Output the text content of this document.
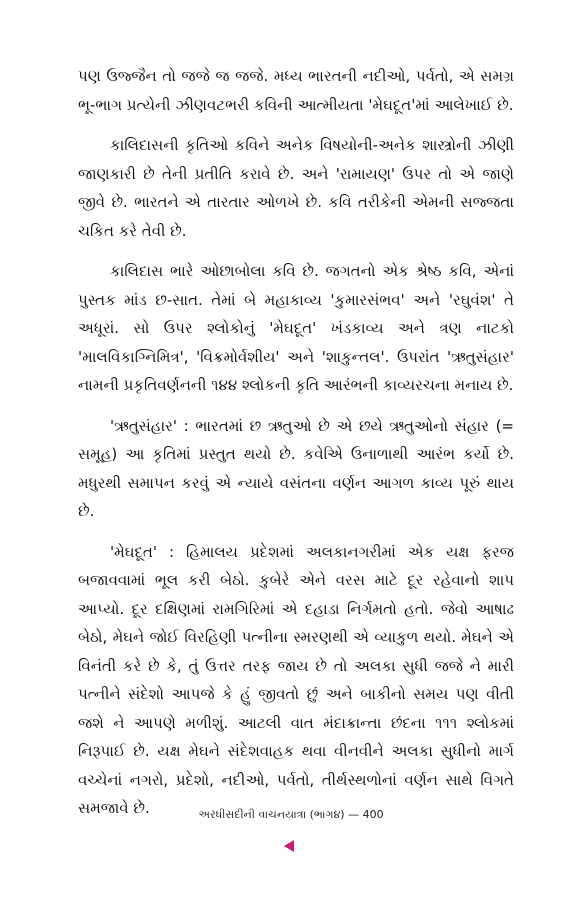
પણ ઉજ્જૈન તો જજે જ જજે. મધ્ય ભારતની નદીઓ, પર્વતો, એ સમગ્ર ભૂ-ભાગ પ્રત્યેની ઝીણવટભરી કવિની આત્મીયતા 'મેઘદૂત'માં આલેખાઈ છે.

કાલિદાસની કૃતિઓ કવિને અનેક વિષયોની-અનેક શાસ્ત્રોની ઝીણી જાણકારી છે તેની પ્રતીતિ કરાવે છે. અને 'રામાયણ' ઉપર તો એ જાણે જીવે છે. ભારતને એ તારતાર ઓળખે છે. કવિ તરીકેની એમની સજ્જતા ચકિત કરે તેવી છે.

કાલિદાસ ભારે ઓછાબોલા કવિ છે. જગતનો એક શ્રેષ્ઠ કવિ, એનાં પુસ્તક માંડ છ-સાત. તેમાં બે મહાકાવ્ય 'કુમારસંભવ' અને 'રઘુવંશ' તે અધૂરાં. સો ઉપર શ્લોકોનું 'મેઘદૂત' ખંડકાવ્ય અને ત્રણ નાટકો 'માલવિકાગ્નિમિત્ર', 'વિક્રમોર્વશીય' અને 'શાકુન્તલ'. ઉપરાંત 'ઋતુસંહાર' નામની પ્રકૃતિવર્ણનની ૧૪૪ શ્લોકની કૃતિ આરંભની કાવ્યરચના મનાય છે.

'ઋતુસંહાર' : ભારતમાં છ ઋતુઓ છે એ છયે ઋતુઓનો સંહાર (= સમૂહ) આ કૃતિમાં પ્રસ્તુત થયો છે. કવેએિ ઉનાળાથી આરંભ કર્યો છે. મધુરથી સમાપન કરવું એ ન્યાયે વસંતના વર્ણન આગળ કાવ્ય પૂરું થાય છે.

'મેઘદૂત' : હિમાલય પ્રદેશમાં અલકાનગરીમાં એક યક્ષ ફરજ બજાવવામાં ભૂલ કરી બેઠો. કુબેરે એને વરસ માટે દૂર રહેવાનો શાપ આપ્યો. દૂર દક્ષિણમાં રામગિરિમાં એ દહાડા નિર્ગમતો હતો. જેવો આષાઢ બેઠો, મેઘને જોઈ વિરહિણી પત્નીના સ્મરણથી એ વ્યાકુળ થયો. મેઘને એ વિનંતી કરે છે કે, તું ઉત્તર તરફ જાય છે તો અલકા સુધી જજે ને મારી પત્નીને સંદેશો આપજે કે હું જીવતો છું અને બાકીનો સમય પણ વીતી જશે ને આપણે મળીશું. આટલી વાત મંદાક્રાન્તા છંદના ૧૧૧ શ્લોકમાં નિરૂપાઈ છે. યક્ષ મેઘને સંદેશવાહક થવા વીનવીને અલકા સુધીનો માર્ગ વચ્ચેનાં નગરો, પ્રદેશો, નદીઓ, પર્વતો, તીર્થસ્થળોનાં વર્ણન સાથે વિગતે સમજાવે છે.	અરધીસદીની વાચનયાત્રા (ભાગ૪) — 400
